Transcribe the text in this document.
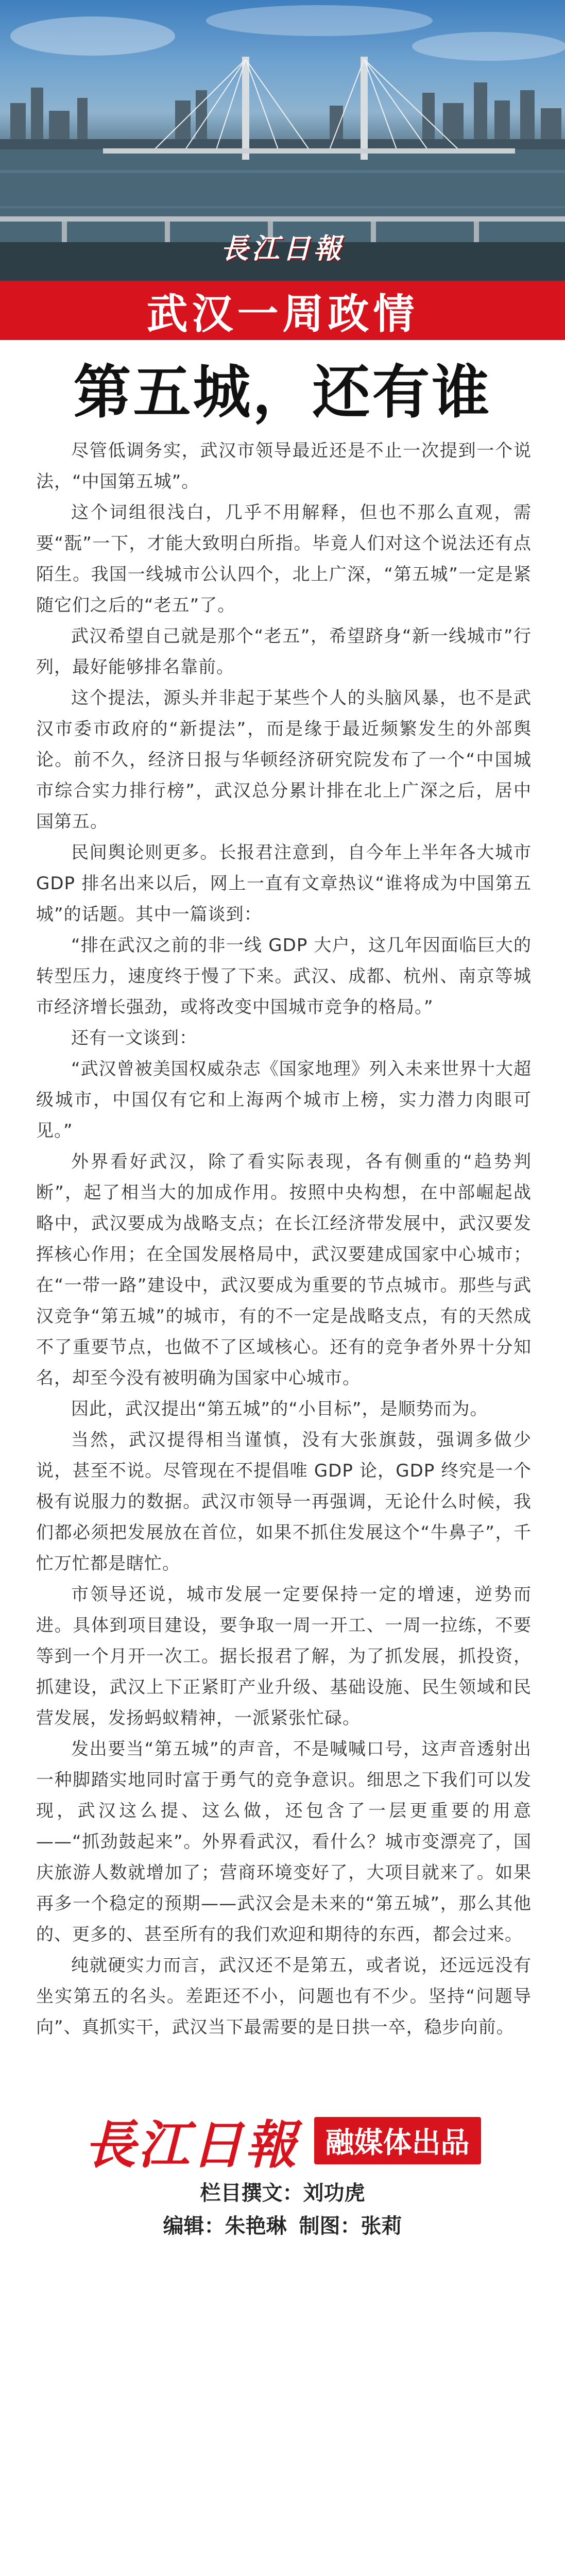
長江日報
武汉一周政情
第五城，还有谁

尽管低调务实，武汉市领导最近还是不止一次提到一个说法，“中国第五城”。

这个词组很浅白，几乎不用解释，但也不那么直观，需要“翫”一下，才能大致明白所指。毕竟人们对这个说法还有点陌生。我国一线城市公认四个，北上广深，“第五城”一定是紧随它们之后的“老五”了。

武汉希望自己就是那个“老五”，希望跻身“新一线城市”行列，最好能够排名靠前。

这个提法，源头并非起于某些个人的头脑风暴，也不是武汉市委市政府的“新提法”，而是缘于最近频繁发生的外部舆论。前不久，经济日报与华顿经济研究院发布了一个“中国城市综合实力排行榜”，武汉总分累计排在北上广深之后，居中国第五。

民间舆论则更多。长报君注意到，自今年上半年各大城市 GDP 排名出来以后，网上一直有文章热议“谁将成为中国第五城”的话题。其中一篇谈到：

“排在武汉之前的非一线 GDP 大户，这几年因面临巨大的转型压力，速度终于慢了下来。武汉、成都、杭州、南京等城市经济增长强劲，或将改变中国城市竞争的格局。”

还有一文谈到：

“武汉曾被美国权威杂志《国家地理》列入未来世界十大超级城市，中国仅有它和上海两个城市上榜，实力潜力肉眼可见。”

外界看好武汉，除了看实际表现，各有侧重的“趋势判断”，起了相当大的加成作用。按照中央构想，在中部崛起战略中，武汉要成为战略支点；在长江经济带发展中，武汉要发挥核心作用；在全国发展格局中，武汉要建成国家中心城市；在“一带一路”建设中，武汉要成为重要的节点城市。那些与武汉竞争“第五城”的城市，有的不一定是战略支点，有的天然成不了重要节点，也做不了区域核心。还有的竞争者外界十分知名，却至今没有被明确为国家中心城市。

因此，武汉提出“第五城”的“小目标”，是顺势而为。

当然，武汉提得相当谨慎，没有大张旗鼓，强调多做少说，甚至不说。尽管现在不提倡唯 GDP 论，GDP 终究是一个极有说服力的数据。武汉市领导一再强调，无论什么时候，我们都必须把发展放在首位，如果不抓住发展这个“牛鼻子”，千忙万忙都是瞎忙。

市领导还说，城市发展一定要保持一定的增速，逆势而进。具体到项目建设，要争取一周一开工、一周一拉练，不要等到一个月开一次工。据长报君了解，为了抓发展，抓投资，抓建设，武汉上下正紧盯产业升级、基础设施、民生领域和民营发展，发扬蚂蚁精神，一派紧张忙碌。

发出要当“第五城”的声音，不是喊喊口号，这声音透射出一种脚踏实地同时富于勇气的竞争意识。细思之下我们可以发现，武汉这么提、这么做，还包含了一层更重要的用意——“抓劲鼓起来”。外界看武汉，看什么？城市变漂亮了，国庆旅游人数就增加了；营商环境变好了，大项目就来了。如果再多一个稳定的预期——武汉会是未来的“第五城”，那么其他的、更多的、甚至所有的我们欢迎和期待的东西，都会过来。

纯就硬实力而言，武汉还不是第五，或者说，还远远没有坐实第五的名头。差距还不小，问题也有不少。坚持“问题导向”、真抓实干，武汉当下最需要的是日拱一卒，稳步向前。

長江日報 融媒体出品
栏目撰文：刘功虎
编辑：朱艳琳 制图：张莉
